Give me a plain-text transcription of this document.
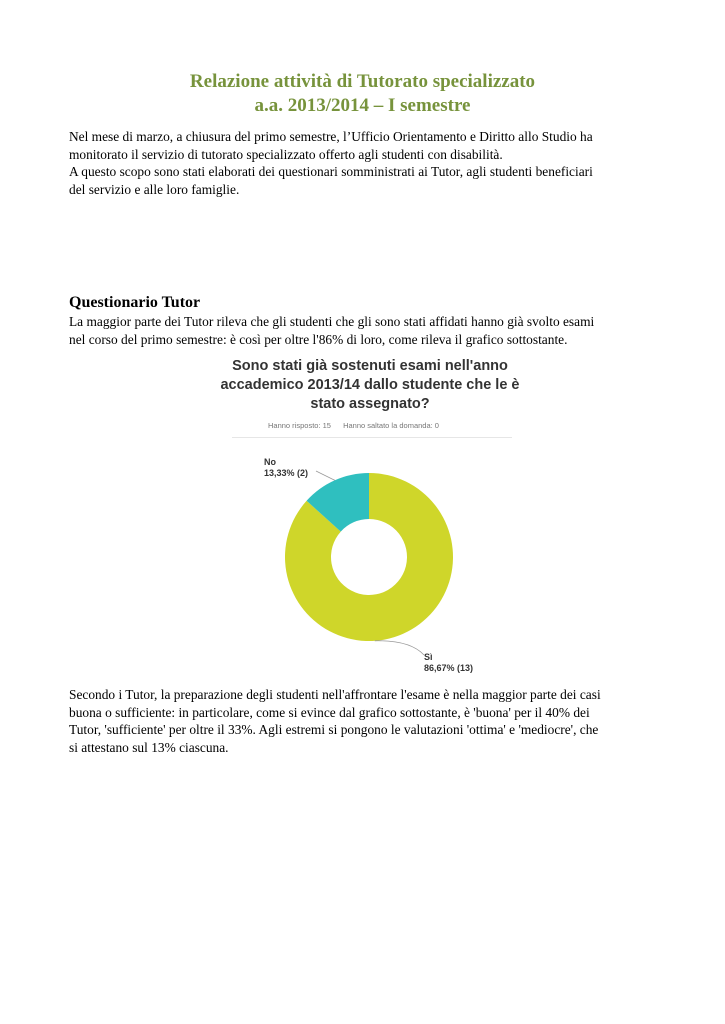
Relazione attività di Tutorato specializzato
a.a. 2013/2014 – I semestre
Nel mese di marzo, a chiusura del primo semestre, l’Ufficio Orientamento e Diritto allo Studio ha
monitorato il servizio di tutorato specializzato offerto agli studenti con disabilità.
A questo scopo sono stati elaborati dei questionari somministrati ai Tutor, agli studenti beneficiari
del servizio e alle loro famiglie.
Questionario Tutor
La maggior parte dei Tutor rileva che gli studenti che gli sono stati affidati hanno già svolto esami
nel corso del primo semestre: è così per oltre l'86% di loro, come rileva il grafico sottostante.
Sono stati già sostenuti esami nell'anno
accademico 2013/14 dallo studente che le è
stato assegnato?
Hanno risposto: 15 Hanno saltato la domanda: 0
No
13,33% (2)
Sì
86,67% (13)
Secondo i Tutor, la preparazione degli studenti nell'affrontare l'esame è nella maggior parte dei casi
buona o sufficiente: in particolare, come si evince dal grafico sottostante, è 'buona' per il 40% dei
Tutor, 'sufficiente' per oltre il 33%. Agli estremi si pongono le valutazioni 'ottima' e 'mediocre', che
si attestano sul 13% ciascuna.
